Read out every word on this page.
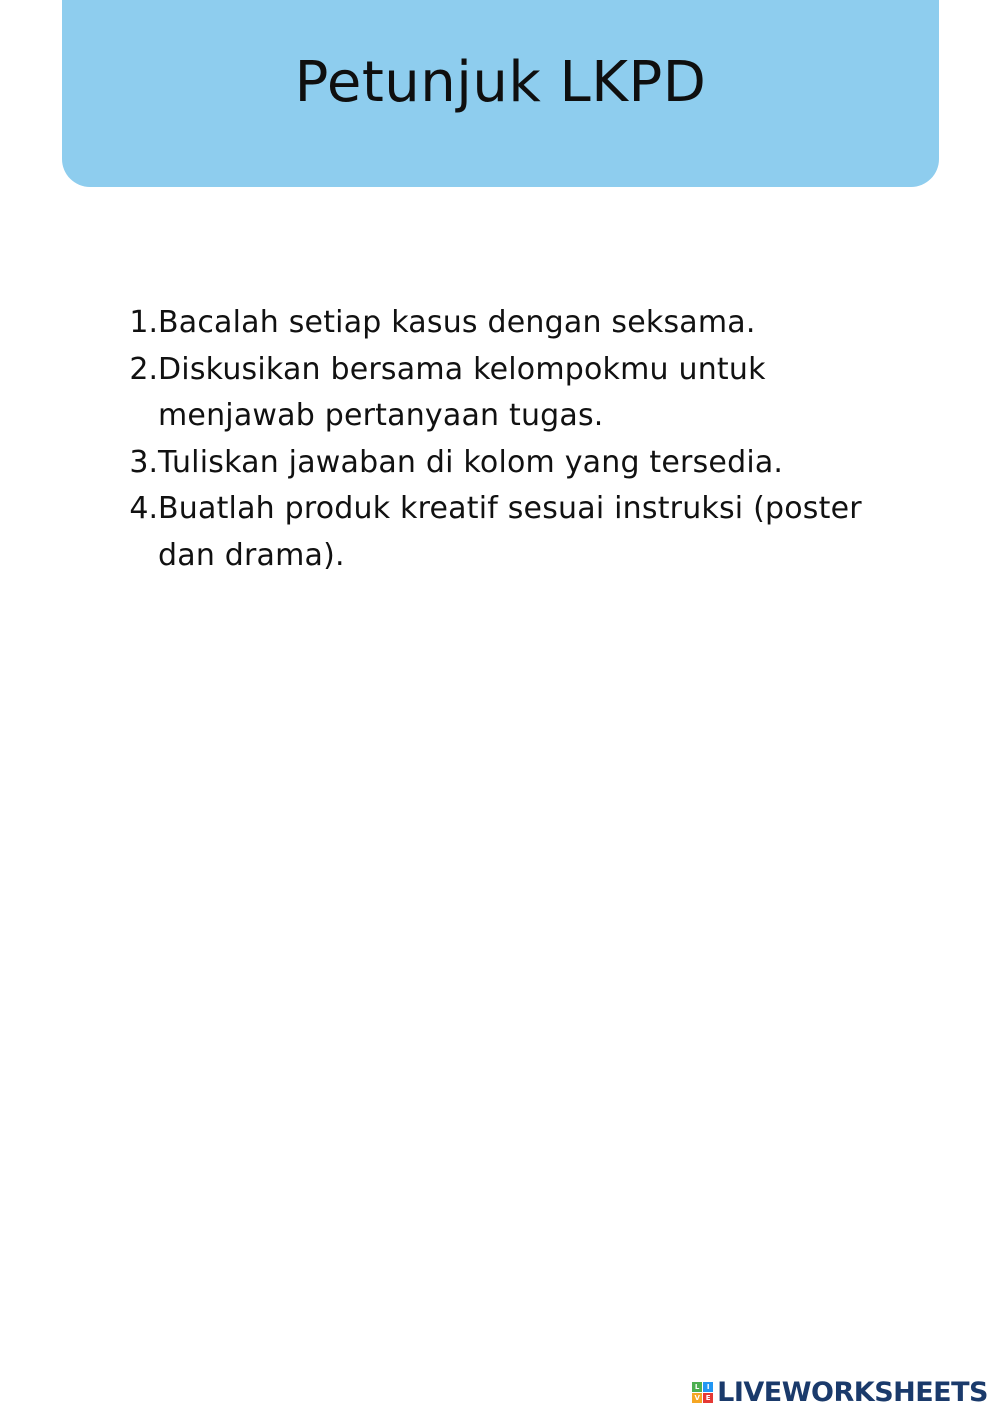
Petunjuk LKPD
1. Bacalah setiap kasus dengan seksama.
2. Diskusikan bersama kelompokmu untuk menjawab pertanyaan tugas.
3. Tuliskan jawaban di kolom yang tersedia.
4. Buatlah produk kreatif sesuai instruksi (poster dan drama).
L	I
V E LIVEWORKSHEETS
